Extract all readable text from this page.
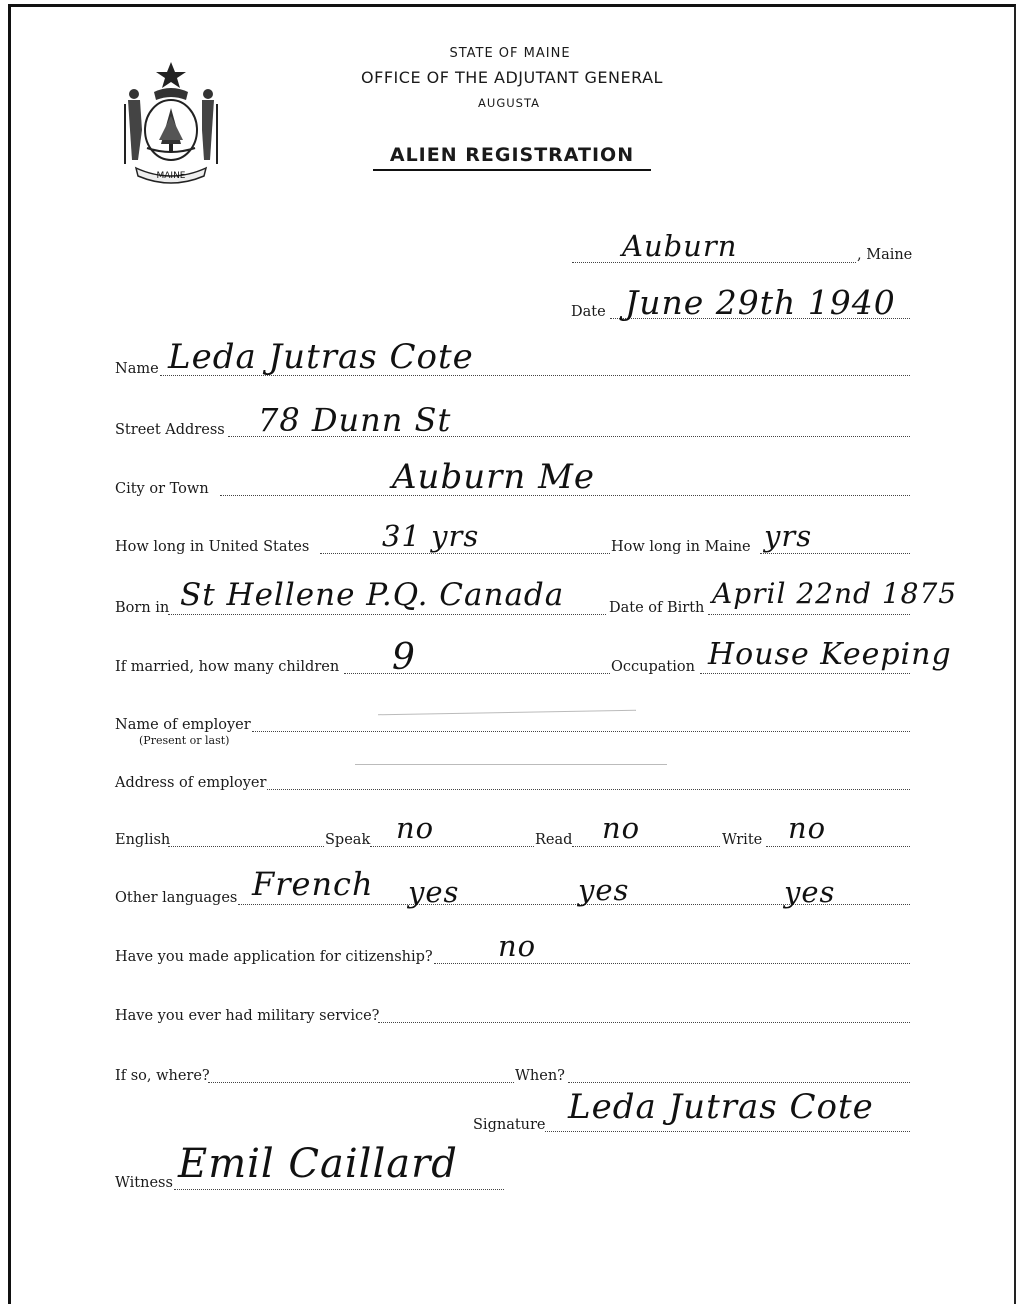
MAINE
STATE OF MAINE
OFFICE OF THE ADJUTANT GENERAL
AUGUSTA
ALIEN REGISTRATION
Auburn	, Maine
Date June 29th 1940
Name Leda Jutras Cote
Street Address 78 Dunn St
City or Town	Auburn Me
How long in United States	31 yrs	How long in Maine yrs
Born in St Hellene P.Q. Canada	Date of Birth April 22nd 1875
If married, how many children 9	Occupation House Keeping
Name of employer
(Present or last)
Address of employer
English	Speak no	Read no	Write no
Other languages French yes	yes	yes
Have you made application for citizenship? no
Have you ever had military service?
If so, where?	When?
Signature Leda Jutras Cote
Witness Emil Caillard
